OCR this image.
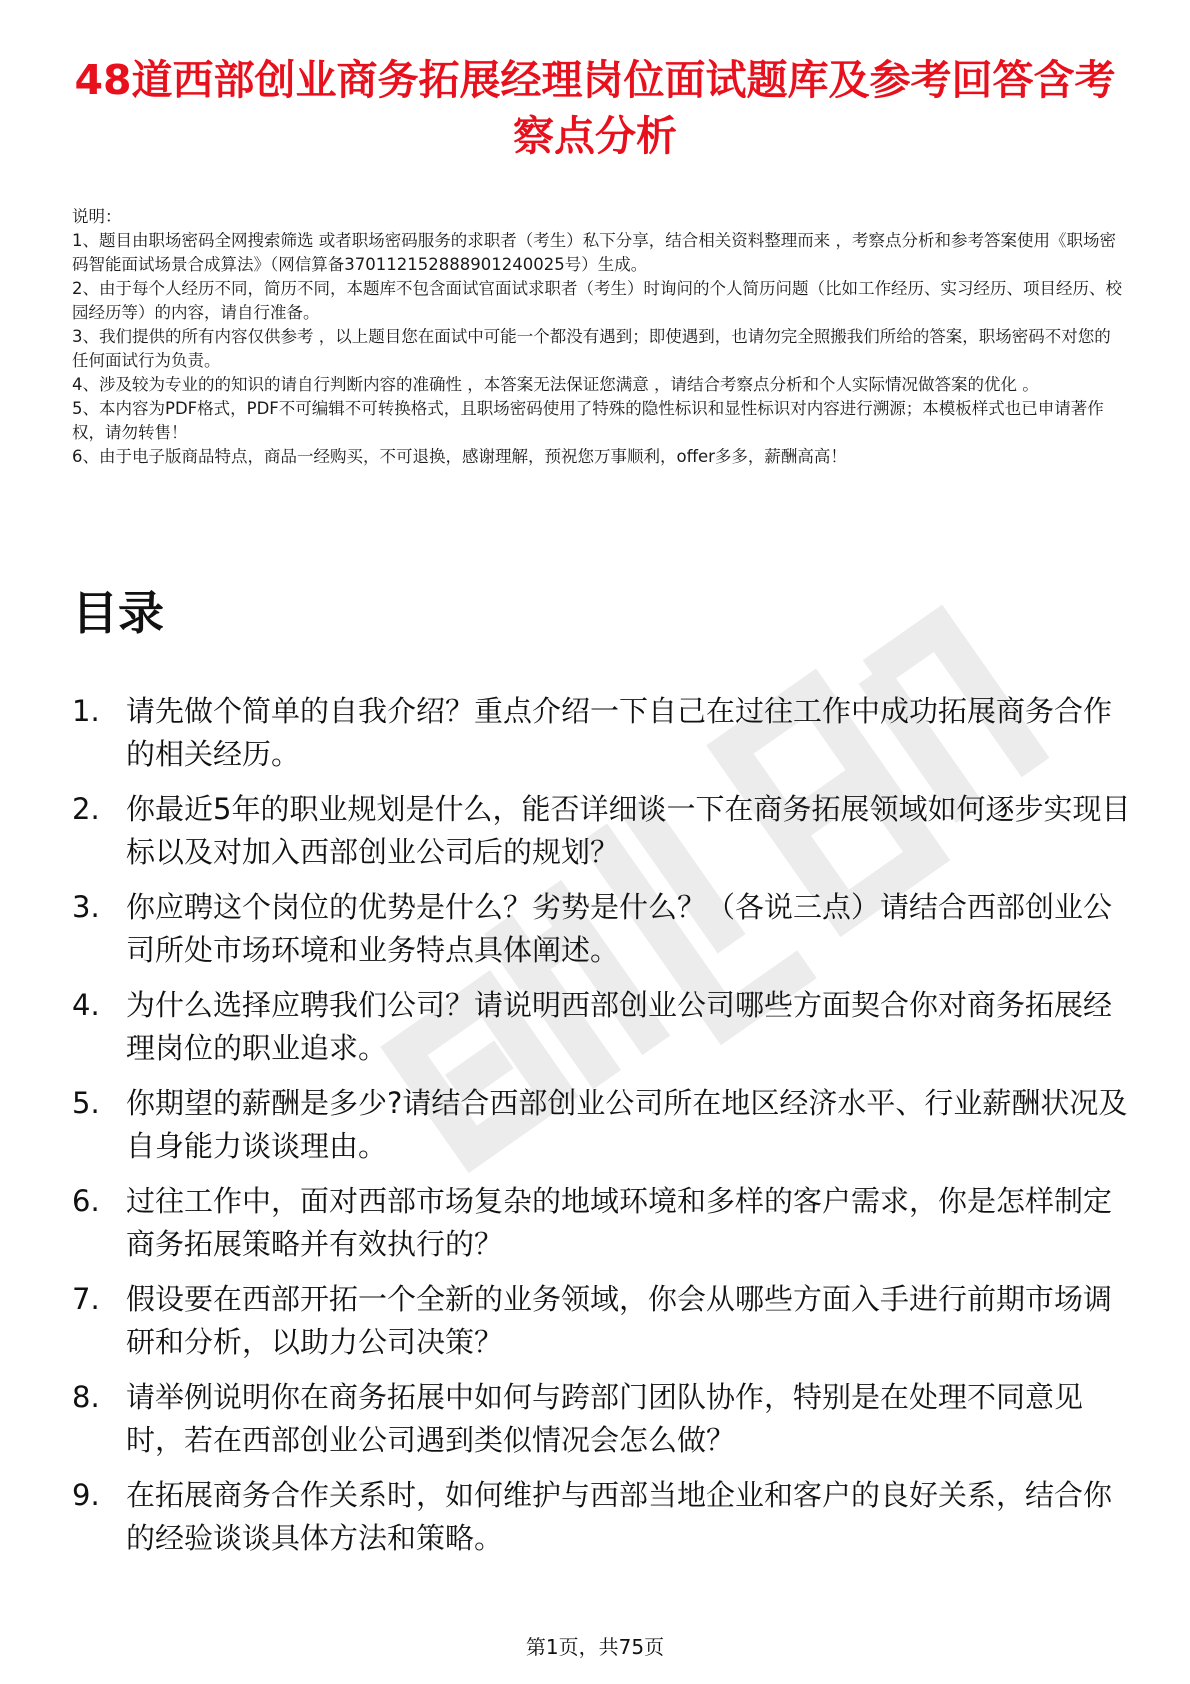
48道西部创业商务拓展经理岗位面试题库及参考回答含考察点分析

说明：

1、题目由职场密码全网搜索筛选 或者职场密码服务的求职者（考生）私下分享，结合相关资料整理而来 ，考察点分析和参考答案使用《职场密码智能面试场景合成算法》（网信算备370112152888901240025号）生成。

2、由于每个人经历不同，简历不同，本题库不包含面试官面试求职者（考生）时询问的个人简历问题（比如工作经历、实习经历、项目经历、校园经历等）的内容，请自行准备。

3、我们提供的所有内容仅供参考 ，以上题目您在面试中可能一个都没有遇到；即使遇到，也请勿完全照搬我们所给的答案，职场密码不对您的任何面试行为负责。

4、涉及较为专业的的知识的请自行判断内容的准确性 ，本答案无法保证您满意 ，请结合考察点分析和个人实际情况做答案的优化 。

5、本内容为PDF格式，PDF不可编辑不可转换格式，且职场密码使用了特殊的隐性标识和显性标识对内容进行溯源；本模板样式也已申请著作权，请勿转售！

6、由于电子版商品特点，商品一经购买，不可退换，感谢理解，预祝您万事顺利，offer多多，薪酬高高！

目录
1. 请先做个简单的自我介绍？重点介绍一下自己在过往工作中成功拓展商务合作的相关经历。
2. 你最近5年的职业规划是什么，能否详细谈一下在商务拓展领域如何逐步实现目标以及对加入西部创业公司后的规划？
3. 你应聘这个岗位的优势是什么？劣势是什么？（各说三点）请结合西部创业公司所处市场环境和业务特点具体阐述。
4. 为什么选择应聘我们公司？请说明西部创业公司哪些方面契合你对商务拓展经理岗位的职业追求。
5. 你期望的薪酬是多少?请结合西部创业公司所在地区经济水平、行业薪酬状况及自身能力谈谈理由。
6. 过往工作中，面对西部市场复杂的地域环境和多样的客户需求，你是怎样制定商务拓展策略并有效执行的？
7. 假设要在西部开拓一个全新的业务领域，你会从哪些方面入手进行前期市场调研和分析，以助力公司决策？
8. 请举例说明你在商务拓展中如何与跨部门团队协作，特别是在处理不同意见时，若在西部创业公司遇到类似情况会怎么做？
9. 在拓展商务合作关系时，如何维护与西部当地企业和客户的良好关系，结合你的经验谈谈具体方法和策略。
第1页，共75页
